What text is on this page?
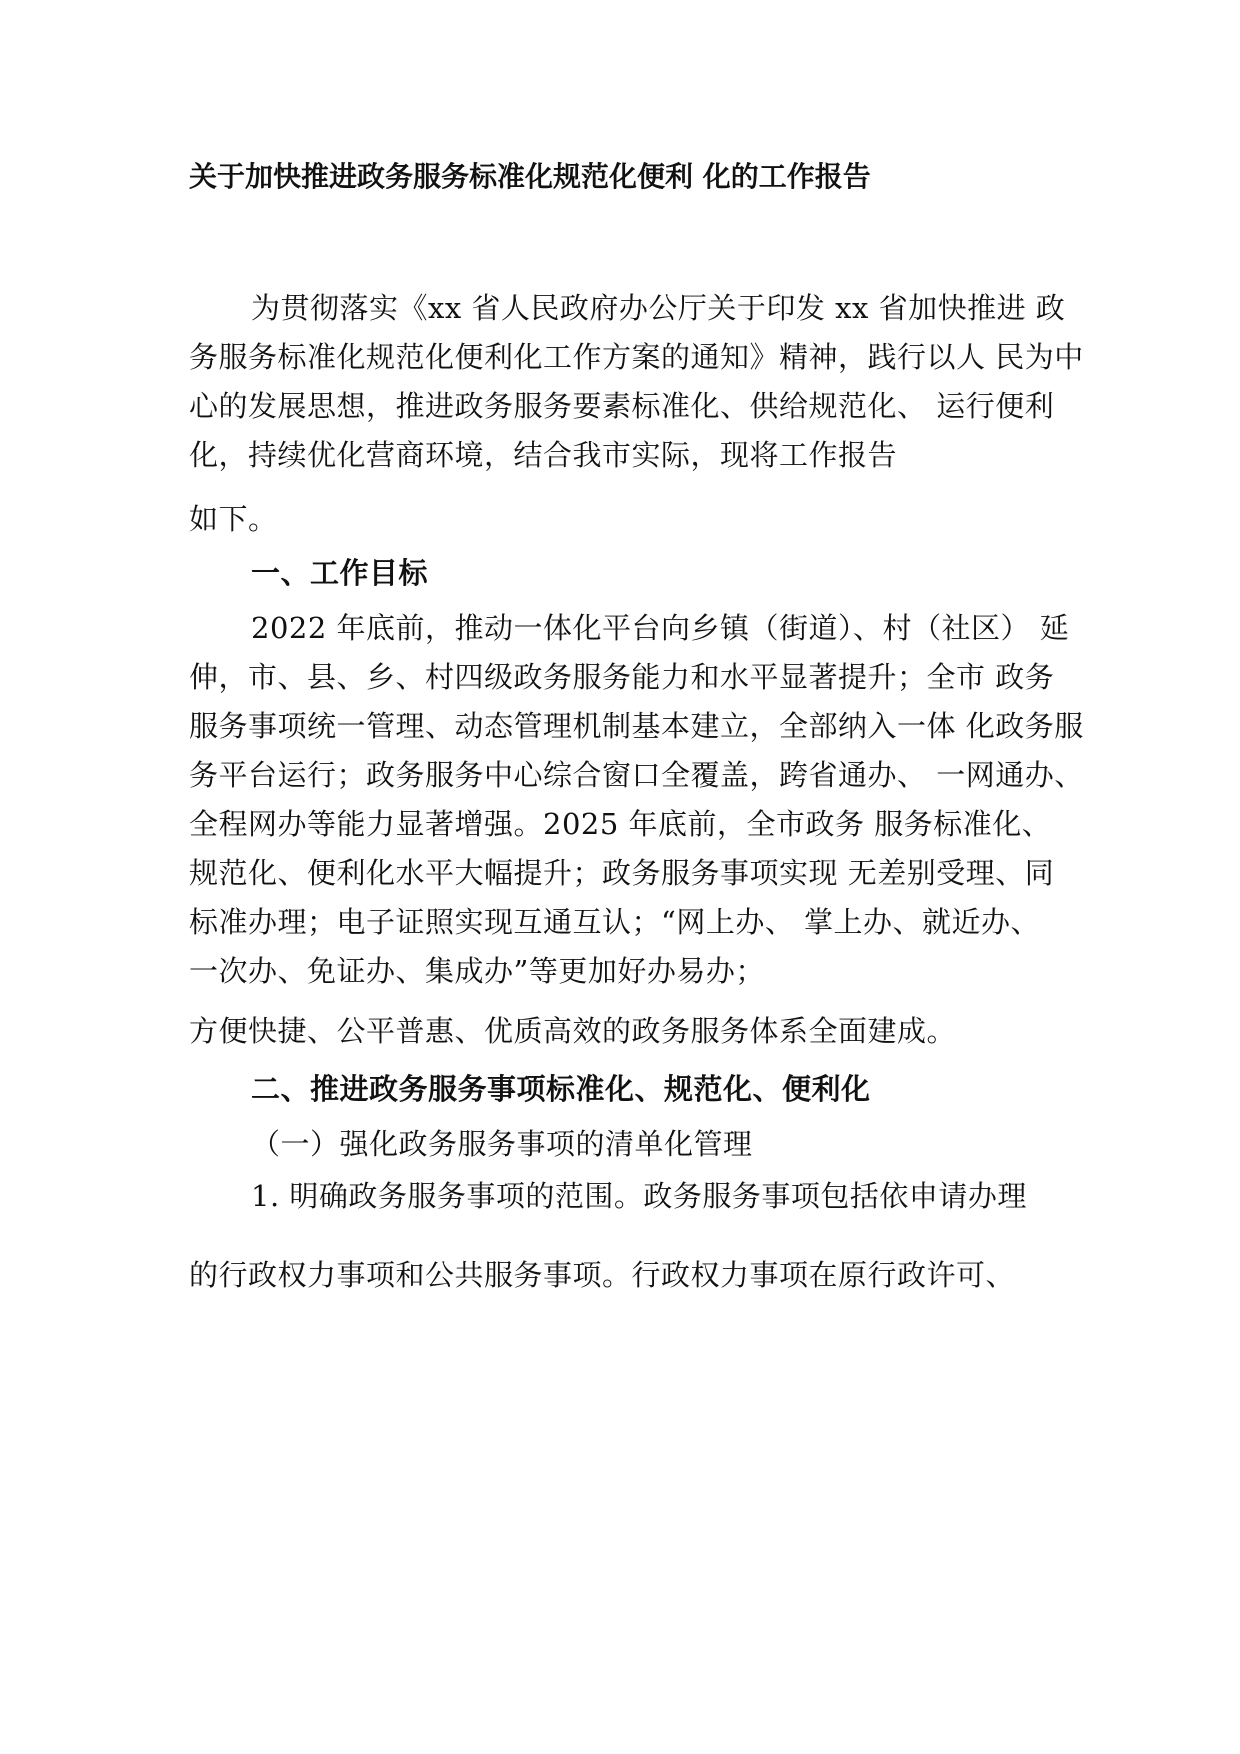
关于加快推进政务服务标准化规范化便利 化的工作报告
为贯彻落实《xx 省人民政府办公厅关于印发 xx 省加快推进 政
务服务标准化规范化便利化工作方案的通知》精神，践行以人 民为中
心的发展思想，推进政务服务要素标准化、供给规范化、 运行便利
化，持续优化营商环境，结合我市实际，现将工作报告
如下。
一、工作目标
2022 年底前，推动一体化平台向乡镇（街道）、村（社区） 延
伸，市、县、乡、村四级政务服务能力和水平显著提升；全市 政务
服务事项统一管理、动态管理机制基本建立，全部纳入一体 化政务服
务平台运行；政务服务中心综合窗口全覆盖，跨省通办、 一网通办、
全程网办等能力显著增强。2025 年底前，全市政务 服务标准化、
规范化、便利化水平大幅提升；政务服务事项实现 无差别受理、同
标准办理；电子证照实现互通互认；“网上办、 掌上办、就近办、
一次办、免证办、集成办”等更加好办易办；
方便快捷、公平普惠、优质高效的政务服务体系全面建成。
二、推进政务服务事项标准化、规范化、便利化
（一）强化政务服务事项的清单化管理
1. 明确政务服务事项的范围。政务服务事项包括依申请办理
的行政权力事项和公共服务事项。行政权力事项在原行政许可、
